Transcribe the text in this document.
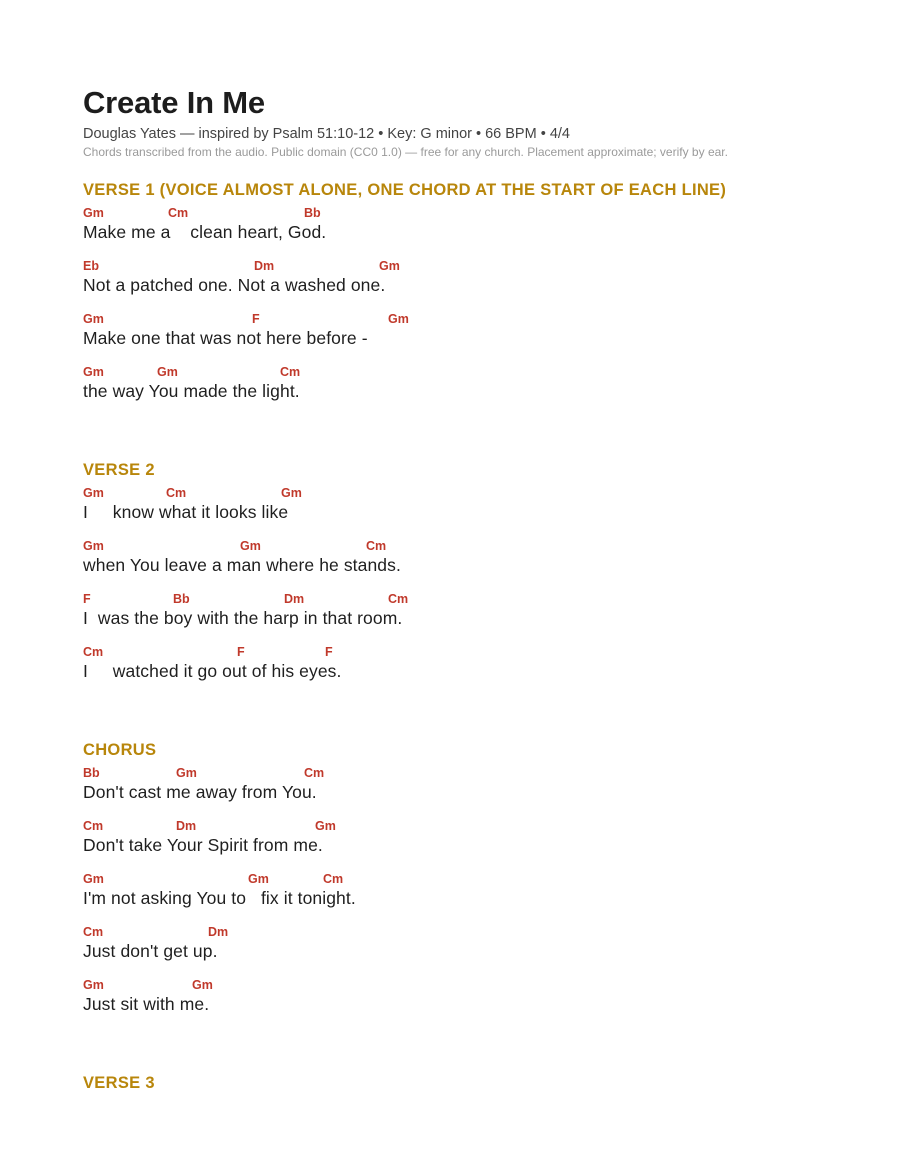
Create In Me
Douglas Yates — inspired by Psalm 51:10-12 • Key: G minor • 66 BPM • 4/4
Chords transcribed from the audio. Public domain (CC0 1.0) — free for any church. Placement approximate; verify by ear.
VERSE 1 (VOICE ALMOST ALONE, ONE CHORD AT THE START OF EACH LINE)
Gm	Cm	Bb
Make me a    clean heart, God.
Eb	Dm	Gm
Not a patched one. Not a washed one.
Gm	F	Gm
Make one that was not here before -
Gm	Gm	Cm
the way You made the light.
VERSE 2
Gm	Cm	Gm
I     know what it looks like
Gm	Gm	Cm
when You leave a man where he stands.
F	Bb	Dm	Cm
I  was the boy with the harp in that room.
Cm	F	F
I     watched it go out of his eyes.
CHORUS
Bb	Gm	Cm
Don't cast me away from You.
Cm	Dm	Gm
Don't take Your Spirit from me.
Gm	Gm	Cm
I'm not asking You to   fix it tonight.
Cm	Dm
Just don't get up.
Gm	Gm
Just sit with me.
VERSE 3
